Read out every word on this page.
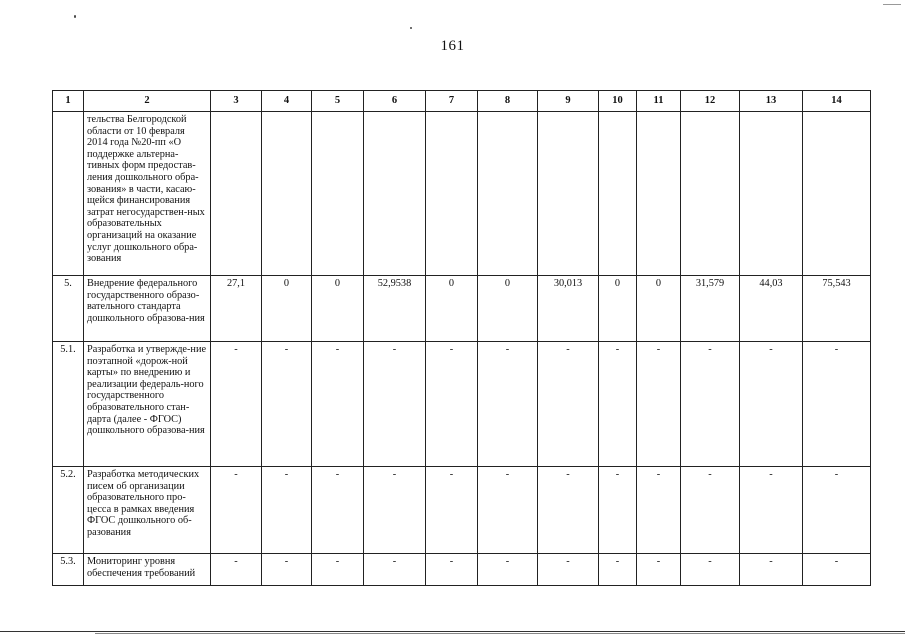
161
1	2	3	4	5	6	7	8	9	10	11	12	13	14
	тельства Белгородской области от 10 февраля 2014 года №20-пп «О поддержке альтерна-тивных форм предостав-ления дошкольного обра-зования» в части, касаю-щейся финансирования затрат негосударствен-ных образовательных организаций на оказание услуг дошкольного обра-зования												
5.	Внедрение федерального государственного образо-вательного стандарта дошкольного образова-ния	27,1	0	0	52,9538	0	0	30,013	0	0	31,579	44,03	75,543
5.1.	Разработка и утвержде-ние поэтапной «дорож-ной карты» по внедрению и реализации федераль-ного государственного образовательного стан-дарта (далее - ФГОС) дошкольного образова-ния	-	-	-	-	-	-	-	-	-	-	-	-
5.2.	Разработка методических писем об организации образовательного про-цесса в рамках введения ФГОС дошкольного об-разования	-	-	-	-	-	-	-	-	-	-	-	-
5.3.	Мониторинг уровня обеспечения требований	-	-	-	-	-	-	-	-	-	-	-	-
